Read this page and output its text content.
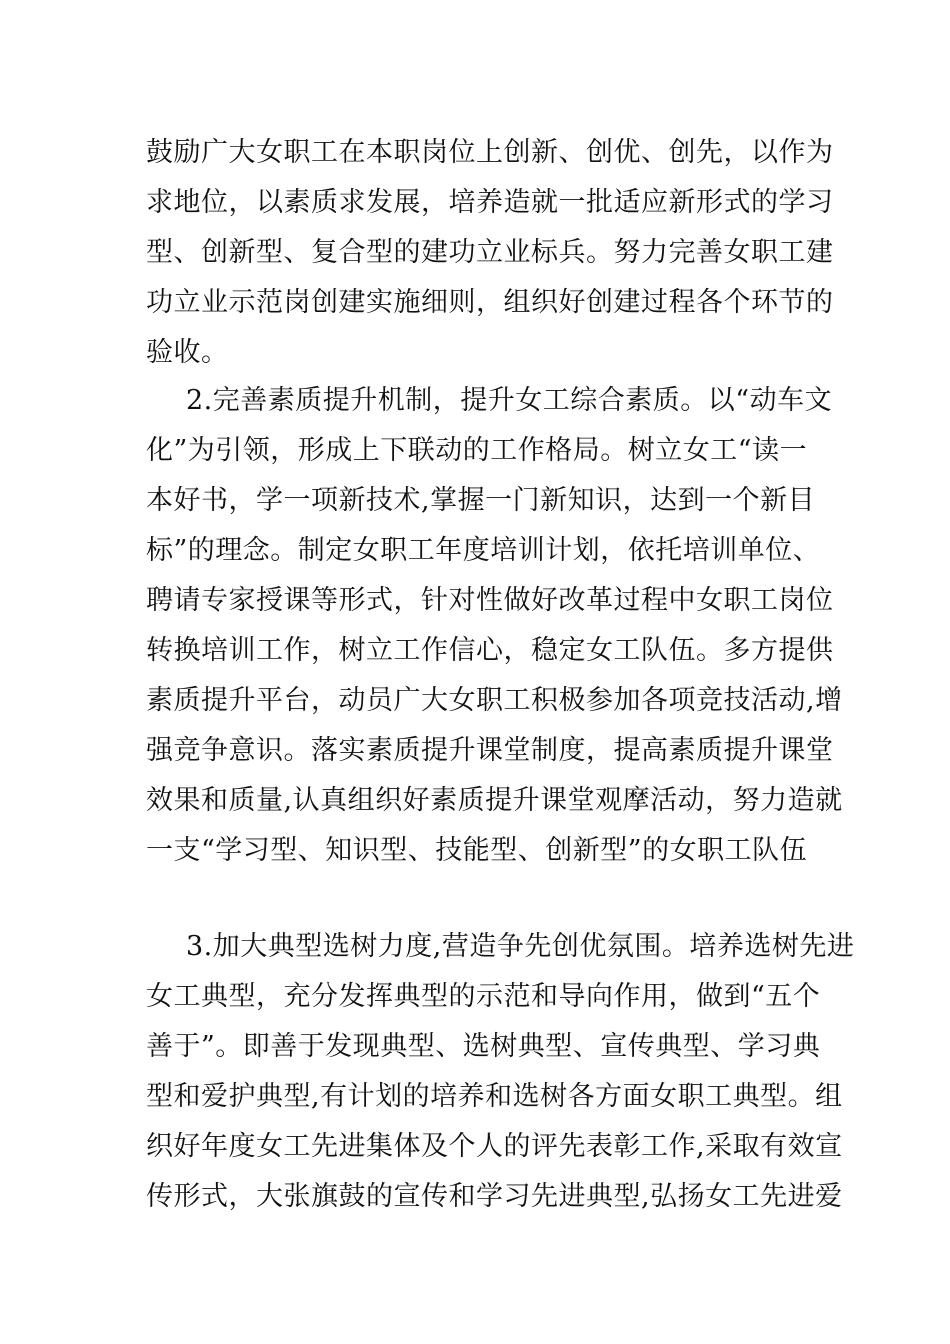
鼓励广大女职工在本职岗位上创新、创优、创先，以作为
求地位，以素质求发展，培养造就一批适应新形式的学习
型、创新型、复合型的建功立业标兵。努力完善女职工建
功立业示范岗创建实施细则，组织好创建过程各个环节的
验收。
2.完善素质提升机制，提升女工综合素质。以“动车文
化”为引领，形成上下联动的工作格局。树立女工“读一
本好书，学一项新技术,掌握一门新知识，达到一个新目
标”的理念。制定女职工年度培训计划，依托培训单位、
聘请专家授课等形式，针对性做好改革过程中女职工岗位
转换培训工作，树立工作信心，稳定女工队伍。多方提供
素质提升平台，动员广大女职工积极参加各项竞技活动,增
强竞争意识。落实素质提升课堂制度，提高素质提升课堂
效果和质量,认真组织好素质提升课堂观摩活动，努力造就
一支“学习型、知识型、技能型、创新型”的女职工队伍
3.加大典型选树力度,营造争先创优氛围。培养选树先进
女工典型，充分发挥典型的示范和导向作用，做到“五个
善于”。即善于发现典型、选树典型、宣传典型、学习典
型和爱护典型,有计划的培养和选树各方面女职工典型。组
织好年度女工先进集体及个人的评先表彰工作,采取有效宣
传形式，大张旗鼓的宣传和学习先进典型,弘扬女工先进爱
